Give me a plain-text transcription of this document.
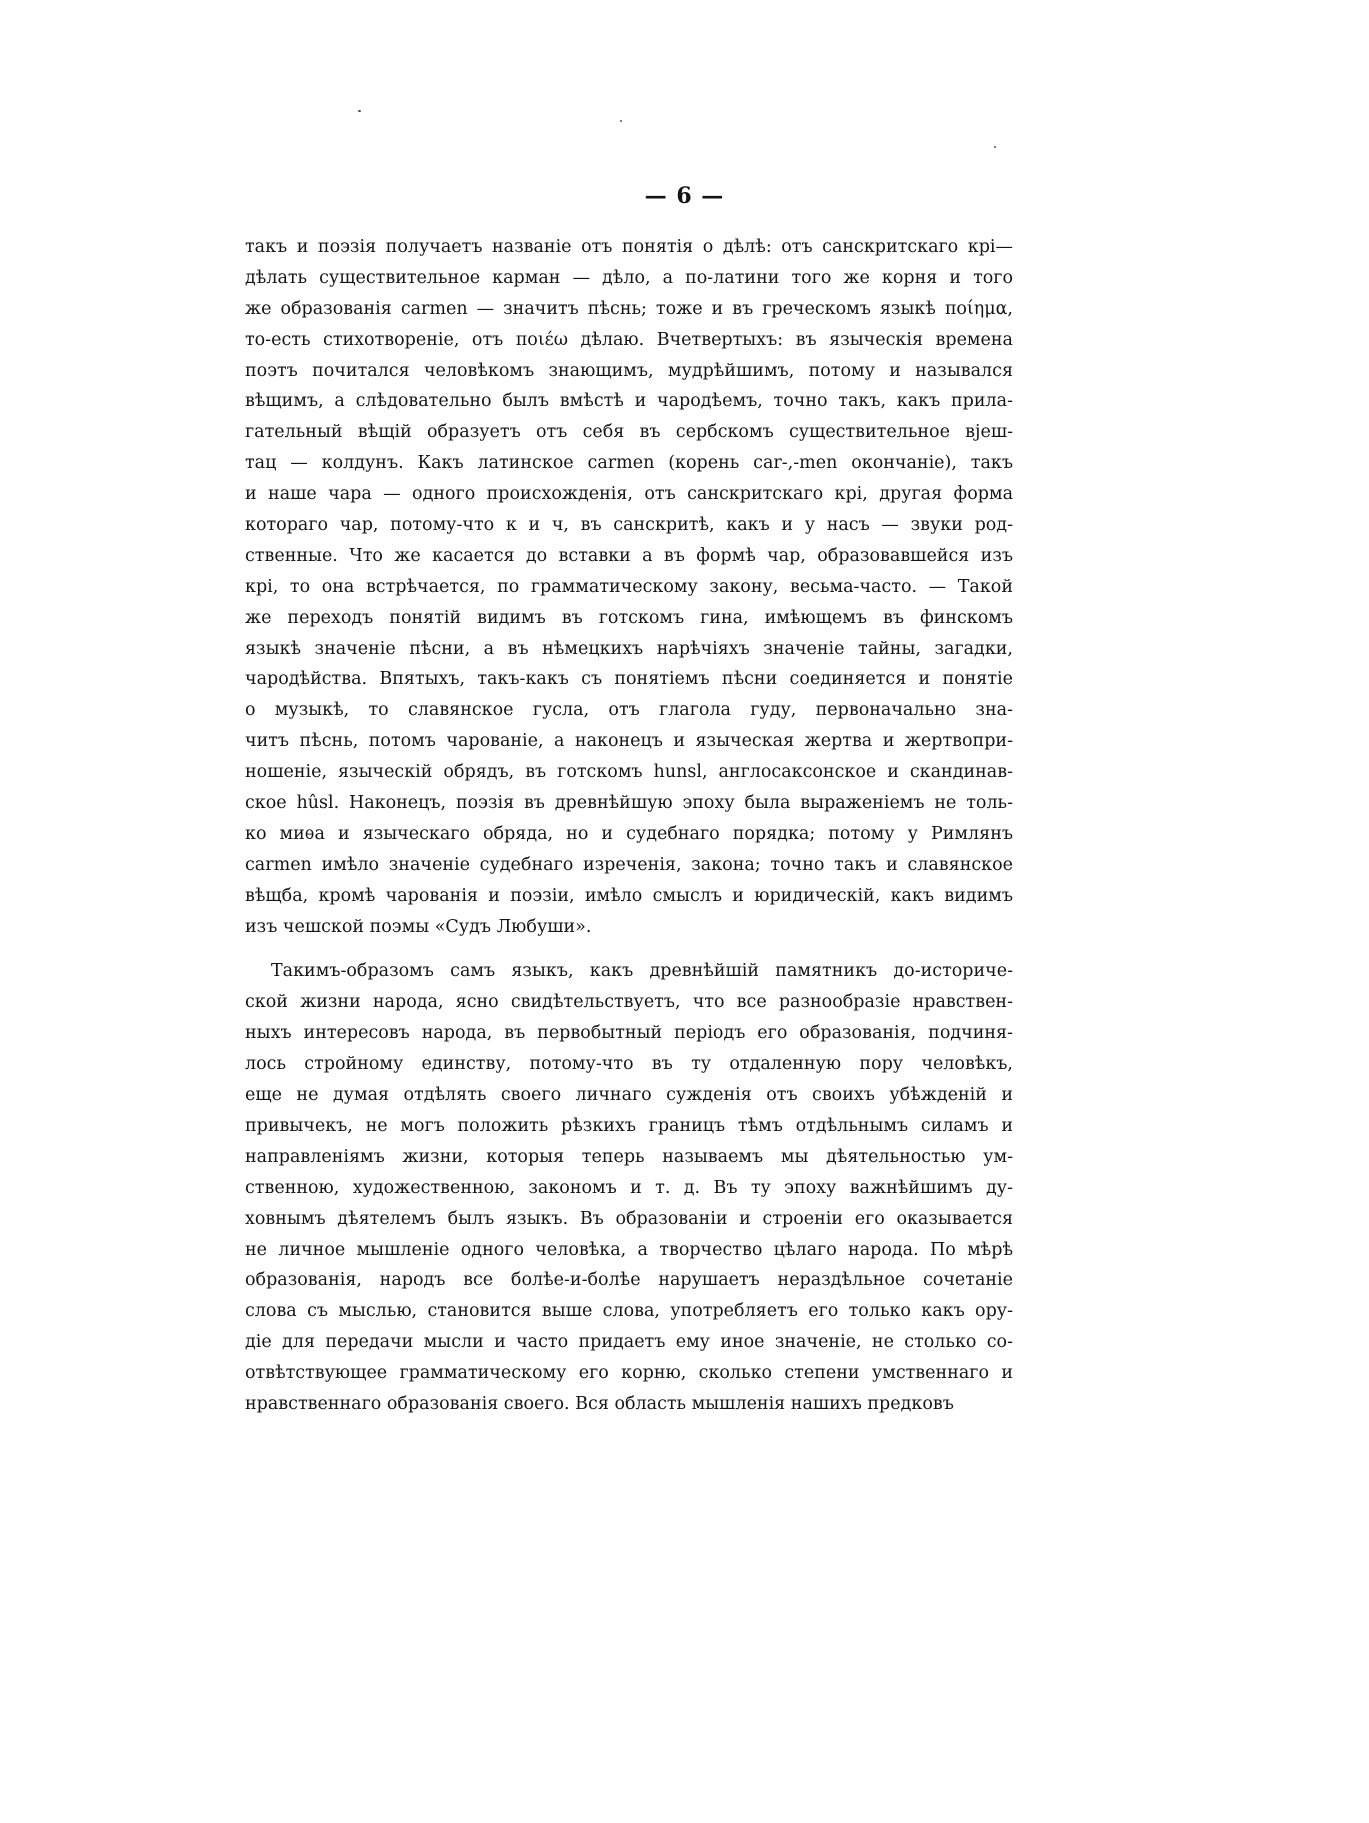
— 6 —
такъ и поэзія получаетъ названіе отъ понятія о дѣлѣ: отъ санскритскаго крі—
дѣлать существительное карман — дѣло, а по-латини того же корня и того
же образованія carmen — значитъ пѣснь; тоже и въ греческомъ языкѣ ποίημα,
то-есть стихотвореніе, отъ ποιέω дѣлаю. Вчетвертыхъ: въ языческія времена
поэтъ почитался человѣкомъ знающимъ, мудрѣйшимъ, потому и назывался
вѣщимъ, а слѣдовательно былъ вмѣстѣ и чародѣемъ, точно такъ, какъ прила-
гательный вѣщій образуетъ отъ себя въ сербскомъ существительное вјеш-
тац — колдунъ. Какъ латинское carmen (корень car-,-men окончаніе), такъ
и наше чара — одного происхожденія, отъ санскритскаго крі, другая форма
котораго чар, потому-что к и ч, въ санскритѣ, какъ и у насъ — звуки род-
ственные. Что же касается до вставки а въ формѣ чар, образовавшейся изъ
крі, то она встрѣчается, по грамматическому закону, весьма-часто. — Такой
же переходъ понятій видимъ въ готскомъ гина, имѣющемъ въ финскомъ
языкѣ значеніе пѣсни, а въ нѣмецкихъ нарѣчіяхъ значеніе тайны, загадки,
чародѣйства. Впятыхъ, такъ-какъ съ понятіемъ пѣсни соединяется и понятіе
о музыкѣ, то славянское гусла, отъ глагола гуду, первоначально зна-
читъ пѣснь, потомъ чарованіе, а наконецъ и языческая жертва и жертвопри-
ношеніе, языческій обрядъ, въ готскомъ hunsl, англосаксонское и скандинав-
ское hûsl. Наконецъ, поэзія въ древнѣйшую эпоху была выраженіемъ не толь-
ко миѳа и языческаго обряда, но и судебнаго порядка; потому у Римлянъ
carmen имѣло значеніе судебнаго изреченія, закона; точно такъ и славянское
вѣщба, кромѣ чарованія и поэзіи, имѣло смыслъ и юридическій, какъ видимъ
изъ чешской поэмы «Судъ Любуши».
Такимъ-образомъ самъ языкъ, какъ древнѣйшій памятникъ до-историче-
ской жизни народа, ясно свидѣтельствуетъ, что все разнообразіе нравствен-
ныхъ интересовъ народа, въ первобытный періодъ его образованія, подчиня-
лось стройному единству, потому-что въ ту отдаленную пору человѣкъ,
еще не думая отдѣлять своего личнаго сужденія отъ своихъ убѣжденій и
привычекъ, не могъ положить рѣзкихъ границъ тѣмъ отдѣльнымъ силамъ и
направленіямъ жизни, которыя теперь называемъ мы дѣятельностью ум-
ственною, художественною, закономъ и т. д. Въ ту эпоху важнѣйшимъ ду-
ховнымъ дѣятелемъ былъ языкъ. Въ образованіи и строеніи его оказывается
не личное мышленіе одного человѣка, а творчество цѣлаго народа. По мѣрѣ
образованія, народъ все болѣе-и-болѣе нарушаетъ нераздѣльное сочетаніе
слова съ мыслью, становится выше слова, употребляетъ его только какъ ору-
діе для передачи мысли и часто придаетъ ему иное значеніе, не столько со-
отвѣтствующее грамматическому его корню, сколько степени умственнаго и
нравственнаго образованія своего. Вся область мышленія нашихъ предковъ
